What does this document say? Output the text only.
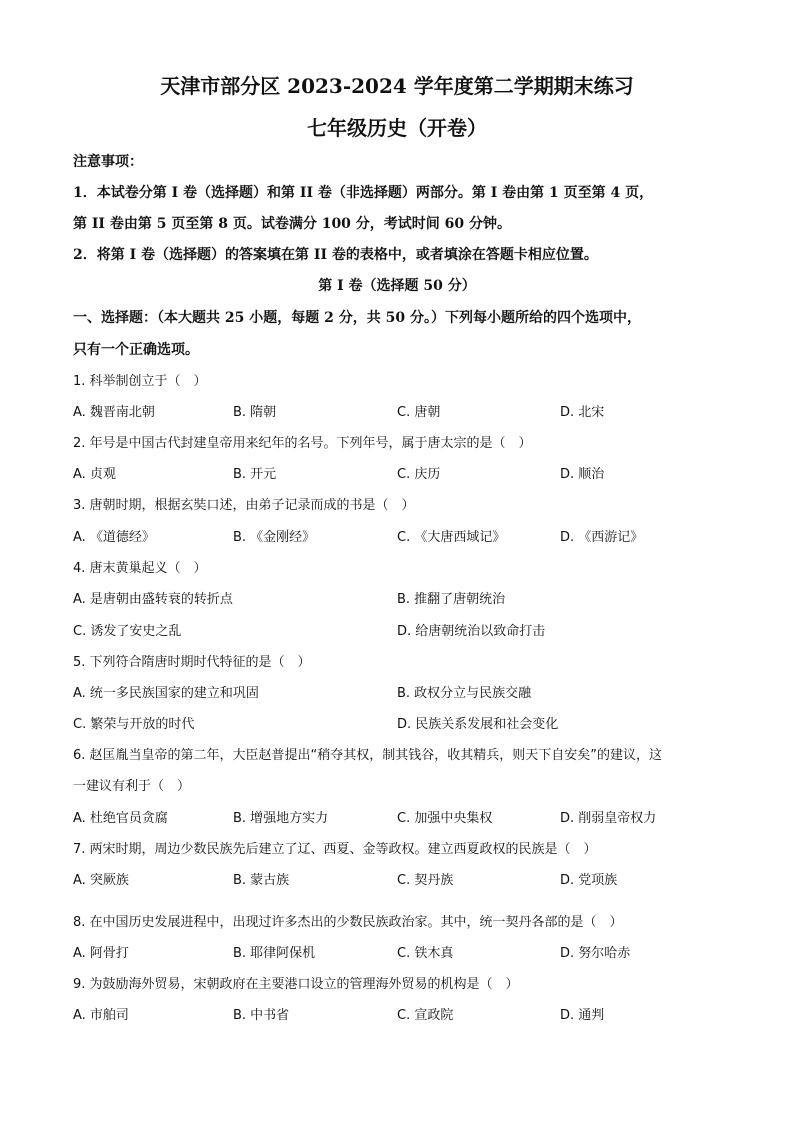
天津市部分区 2023-2024 学年度第二学期期末练习
七年级历史（开卷）
注意事项：
1．本试卷分第 I 卷（选择题）和第 II 卷（非选择题）两部分。第 I 卷由第 1 页至第 4 页，
第 II 卷由第 5 页至第 8 页。试卷满分 100 分，考试时间 60 分钟。
2．将第 I 卷（选择题）的答案填在第 II 卷的表格中，或者填涂在答题卡相应位置。
第 I 卷（选择题 50 分）
一、选择题：（本大题共 25 小题，每题 2 分，共 50 分。）下列每小题所给的四个选项中，
只有一个正确选项。
1. 科举制创立于（　）
A. 魏晋南北朝	B. 隋朝	C. 唐朝	D. 北宋
2. 年号是中国古代封建皇帝用来纪年的名号。下列年号，属于唐太宗的是（　）
A. 贞观	B. 开元	C. 庆历	D. 顺治
3. 唐朝时期，根据玄奘口述，由弟子记录而成的书是（　）
A. 《道德经》	B. 《金刚经》	C. 《大唐西域记》	D. 《西游记》
4. 唐末黄巢起义（　）
A. 是唐朝由盛转衰的转折点	B. 推翻了唐朝统治
C. 诱发了安史之乱	D. 给唐朝统治以致命打击
5. 下列符合隋唐时期时代特征的是（　）
A. 统一多民族国家的建立和巩固	B. 政权分立与民族交融
C. 繁荣与开放的时代	D. 民族关系发展和社会变化
6. 赵匡胤当皇帝的第二年，大臣赵普提出“稍夺其权，制其钱谷，收其精兵，则天下自安矣”的建议，这
一建议有利于（　）
A. 杜绝官员贪腐	B. 增强地方实力	C. 加强中央集权	D. 削弱皇帝权力
7. 两宋时期，周边少数民族先后建立了辽、西夏、金等政权。建立西夏政权的民族是（　）
A. 突厥族	B. 蒙古族	C. 契丹族	D. 党项族
8. 在中国历史发展进程中，出现过许多杰出的少数民族政治家。其中，统一契丹各部的是（　）
A. 阿骨打	B. 耶律阿保机	C. 铁木真	D. 努尔哈赤
9. 为鼓励海外贸易，宋朝政府在主要港口设立的管理海外贸易的机构是（　）
A. 市舶司	B. 中书省	C. 宣政院	D. 通判
